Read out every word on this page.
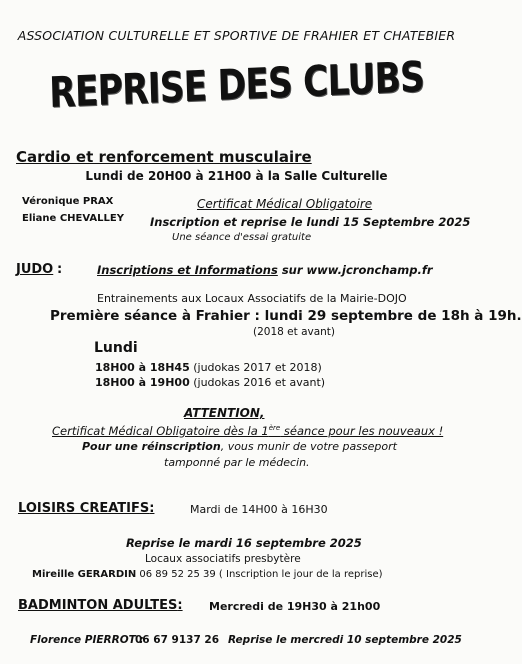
ASSOCIATION CULTURELLE ET SPORTIVE DE FRAHIER ET CHATEBIER
REPRISE DES CLUBS
Cardio et renforcement musculaire
Lundi de 20H00 à 21H00 à la Salle Culturelle
Véronique PRAX
Eliane CHEVALLEY
Certificat Médical Obligatoire
Inscription et reprise le lundi 15 Septembre 2025
Une séance d'essai gratuite
JUDO :	Inscriptions et Informations sur www.jcronchamp.fr
Entrainements aux Locaux Associatifs de la Mairie-DOJO
Première séance à Frahier : lundi 29 septembre de 18h à 19h.
(2018 et avant)
Lundi
18H00 à 18H45 (judokas 2017 et 2018)
18H00 à 19H00 (judokas 2016 et avant)
ATTENTION,
Certificat Médical Obligatoire dès la 1ère séance pour les nouveaux !
Pour une réinscription, vous munir de votre passeport
tamponné par le médecin.
LOISIRS CREATIFS:	Mardi de 14H00 à 16H30
Reprise le mardi 16 septembre 2025
Locaux associatifs presbytère
Mireille GERARDIN 06 89 52 25 39 ( Inscription le jour de la reprise)
BADMINTON ADULTES: Mercredi de 19H30 à 21h00
Florence PIERROT :
06 67 9137 26 Reprise le mercredi 10 septembre 2025
